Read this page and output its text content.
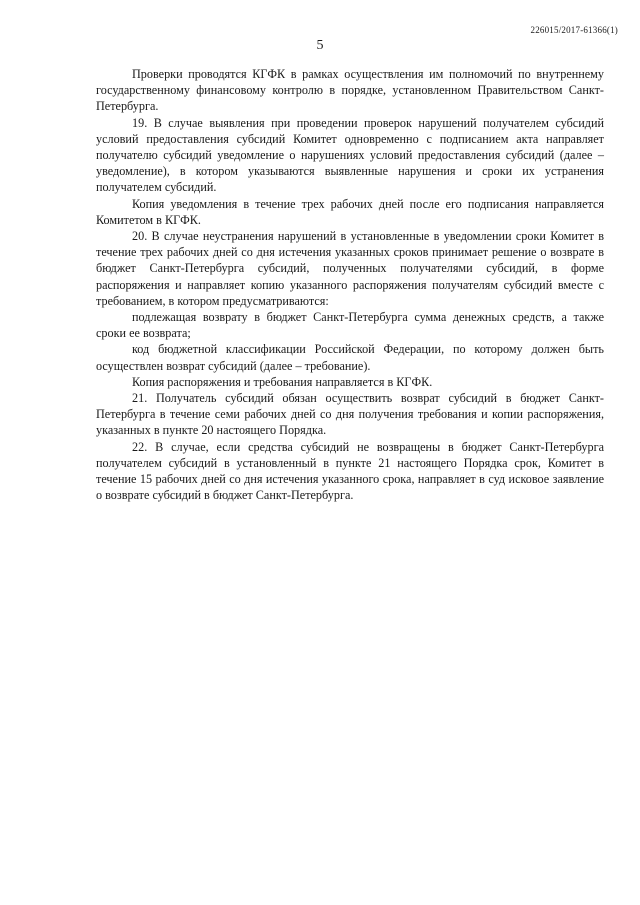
226015/2017-61366(1)
5

Проверки проводятся КГФК в рамках осуществления им полномочий по внутреннему государственному финансовому контролю в порядке, установленном Правительством Санкт-Петербурга.

19. В случае выявления при проведении проверок нарушений получателем субсидий условий предоставления субсидий Комитет одновременно с подписанием акта направляет получателю субсидий уведомление о нарушениях условий предоставления субсидий (далее – уведомление), в котором указываются выявленные нарушения и сроки их устранения получателем субсидий.

Копия уведомления в течение трех рабочих дней после его подписания направляется Комитетом в КГФК.

20. В случае неустранения нарушений в установленные в уведомлении сроки Комитет в течение трех рабочих дней со дня истечения указанных сроков принимает решение о возврате в бюджет Санкт-Петербурга субсидий, полученных получателями субсидий, в форме распоряжения и направляет копию указанного распоряжения получателям субсидий вместе с требованием, в котором предусматриваются:

подлежащая возврату в бюджет Санкт-Петербурга сумма денежных средств, а также сроки ее возврата;

код бюджетной классификации Российской Федерации, по которому должен быть осуществлен возврат субсидий (далее – требование).

Копия распоряжения и требования направляется в КГФК.

21. Получатель субсидий обязан осуществить возврат субсидий в бюджет Санкт-Петербурга в течение семи рабочих дней со дня получения требования и копии распоряжения, указанных в пункте 20 настоящего Порядка.

22. В случае, если средства субсидий не возвращены в бюджет Санкт-Петербурга получателем субсидий в установленный в пункте 21 настоящего Порядка срок, Комитет в течение 15 рабочих дней со дня истечения указанного срока, направляет в суд исковое заявление о возврате субсидий в бюджет Санкт-Петербурга.
